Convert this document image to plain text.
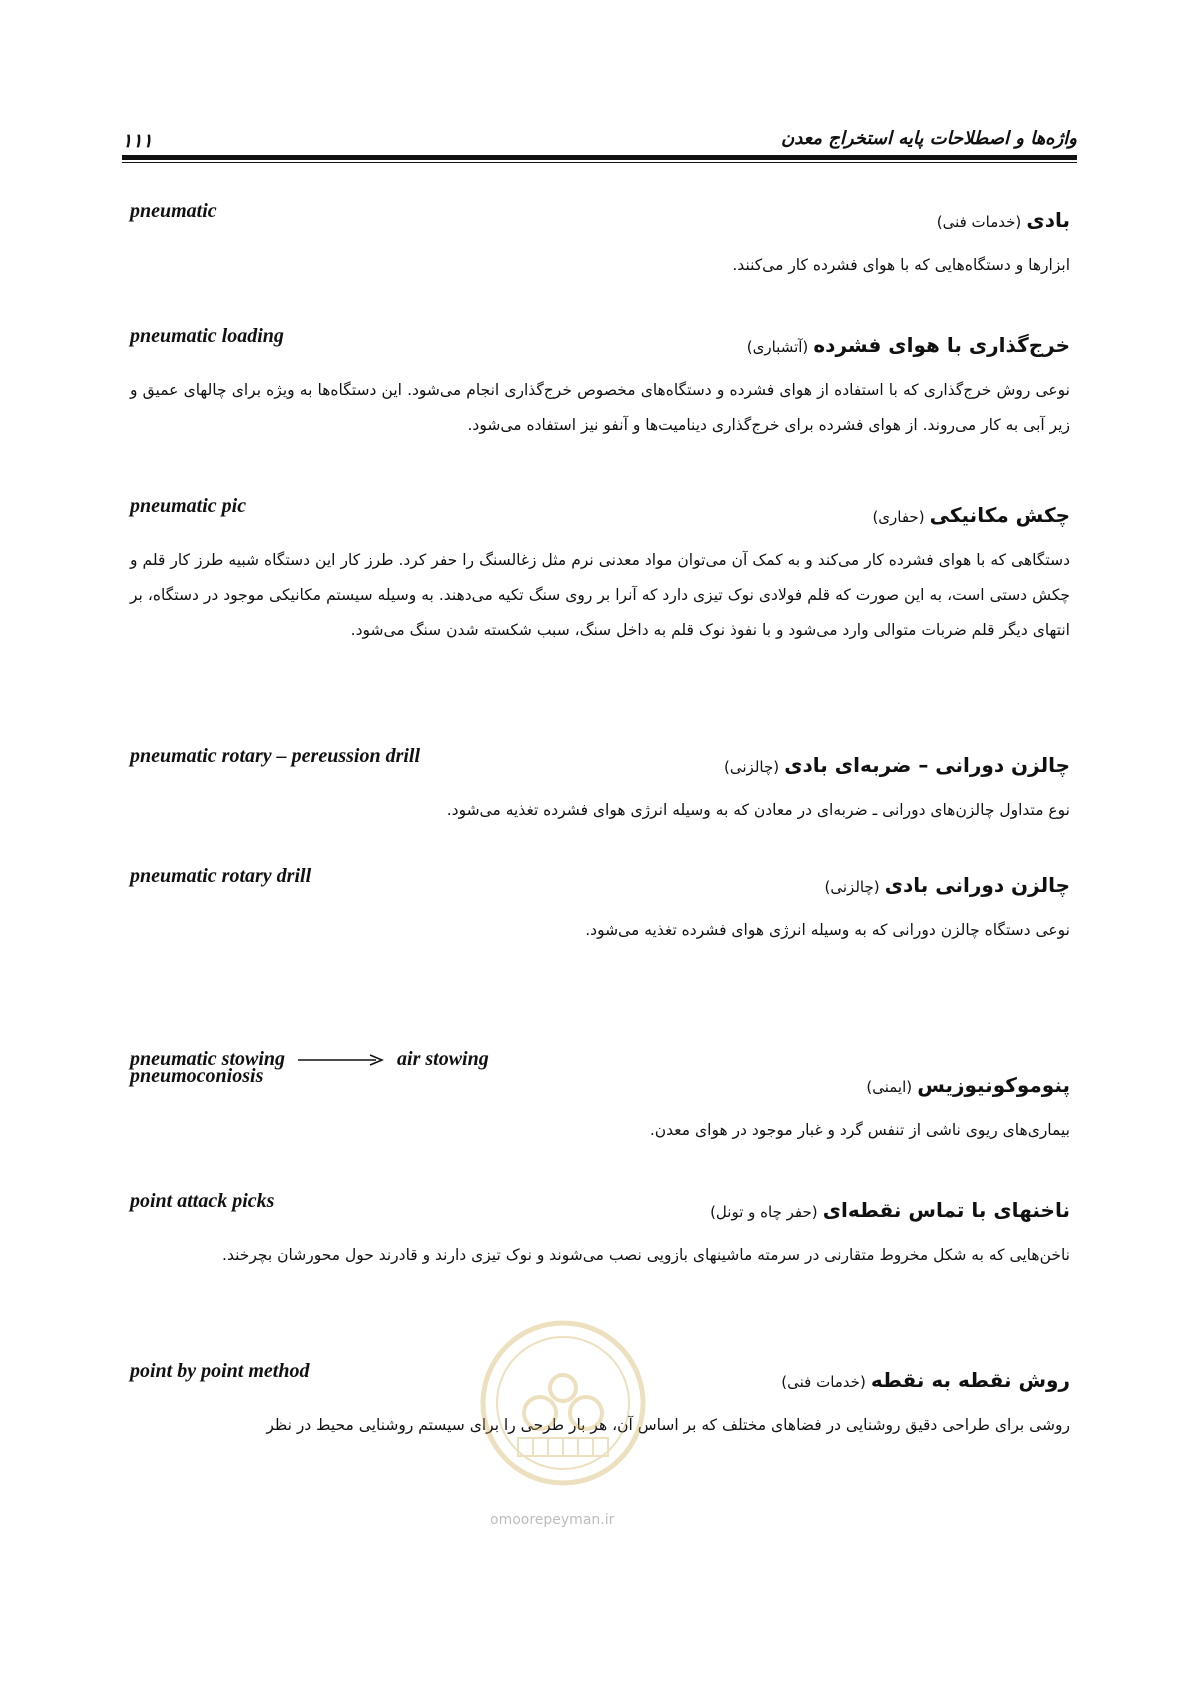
۱۱۱	واژه‌ها و اصطلاحات پایه استخراج معدن
pneumatic	بادی (خدمات فنی)
ابزارها و دستگاه‌هایی که با هوای فشرده کار می‌کنند.
pneumatic loading	خرج‌گذاری با هوای فشرده (آتشباری)
نوعی روش خرج‌گذاری که با استفاده از هوای فشرده و دستگاه‌های مخصوص خرج‌گذاری انجام می‌شود. این دستگاه‌ها به ویژه برای چالهای عمیق و زیر آبی به کار می‌روند. از هوای فشرده برای خرج‌گذاری دینامیت‌ها و آنفو نیز استفاده می‌شود.
pneumatic pic	چکش مکانیکی (حفاری)
دستگاهی که با هوای فشرده کار می‌کند و به کمک آن می‌توان مواد معدنی نرم مثل زغالسنگ را حفر کرد. طرز کار این دستگاه شبیه طرز کار قلم و چکش دستی است، به این صورت که قلم فولادی نوک تیزی دارد که آنرا بر روی سنگ تکیه می‌دهند. به وسیله سیستم مکانیکی موجود در دستگاه، بر انتهای دیگر قلم ضربات متوالی وارد می‌شود و با نفوذ نوک قلم به داخل سنگ، سبب شکسته شدن سنگ می‌شود.
pneumatic rotary – pereussion drill	چالزن دورانی – ضربه‌ای بادی (چالزنی)
نوع متداول چالزن‌های دورانی ـ ضربه‌ای در معادن که به وسیله انرژی هوای فشرده تغذیه می‌شود.
pneumatic rotary drill	چالزن دورانی بادی (چالزنی)
نوعی دستگاه چالزن دورانی که به وسیله انرژی هوای فشرده تغذیه می‌شود.
pneumatic stowing	air stowing
pneumoconiosis	پنوموکونیوزیس (ایمنی)
بیماری‌های ریوی ناشی از تنفس گرد و غبار موجود در هوای معدن.
point attack picks	ناخنهای با تماس نقطه‌ای (حفر چاه و تونل)
ناخن‌هایی که به شکل مخروط متقارنی در سرمته ماشینهای بازویی نصب می‌شوند و نوک تیزی دارند و قادرند حول محورشان بچرخند.
point by point method	روش نقطه به نقطه (خدمات فنی)
روشی برای طراحی دقیق روشنایی در فضاهای مختلف که بر اساس آن، هر بار طرحی را برای سیستم روشنایی محیط در نظر
omoorepeyman.ir
